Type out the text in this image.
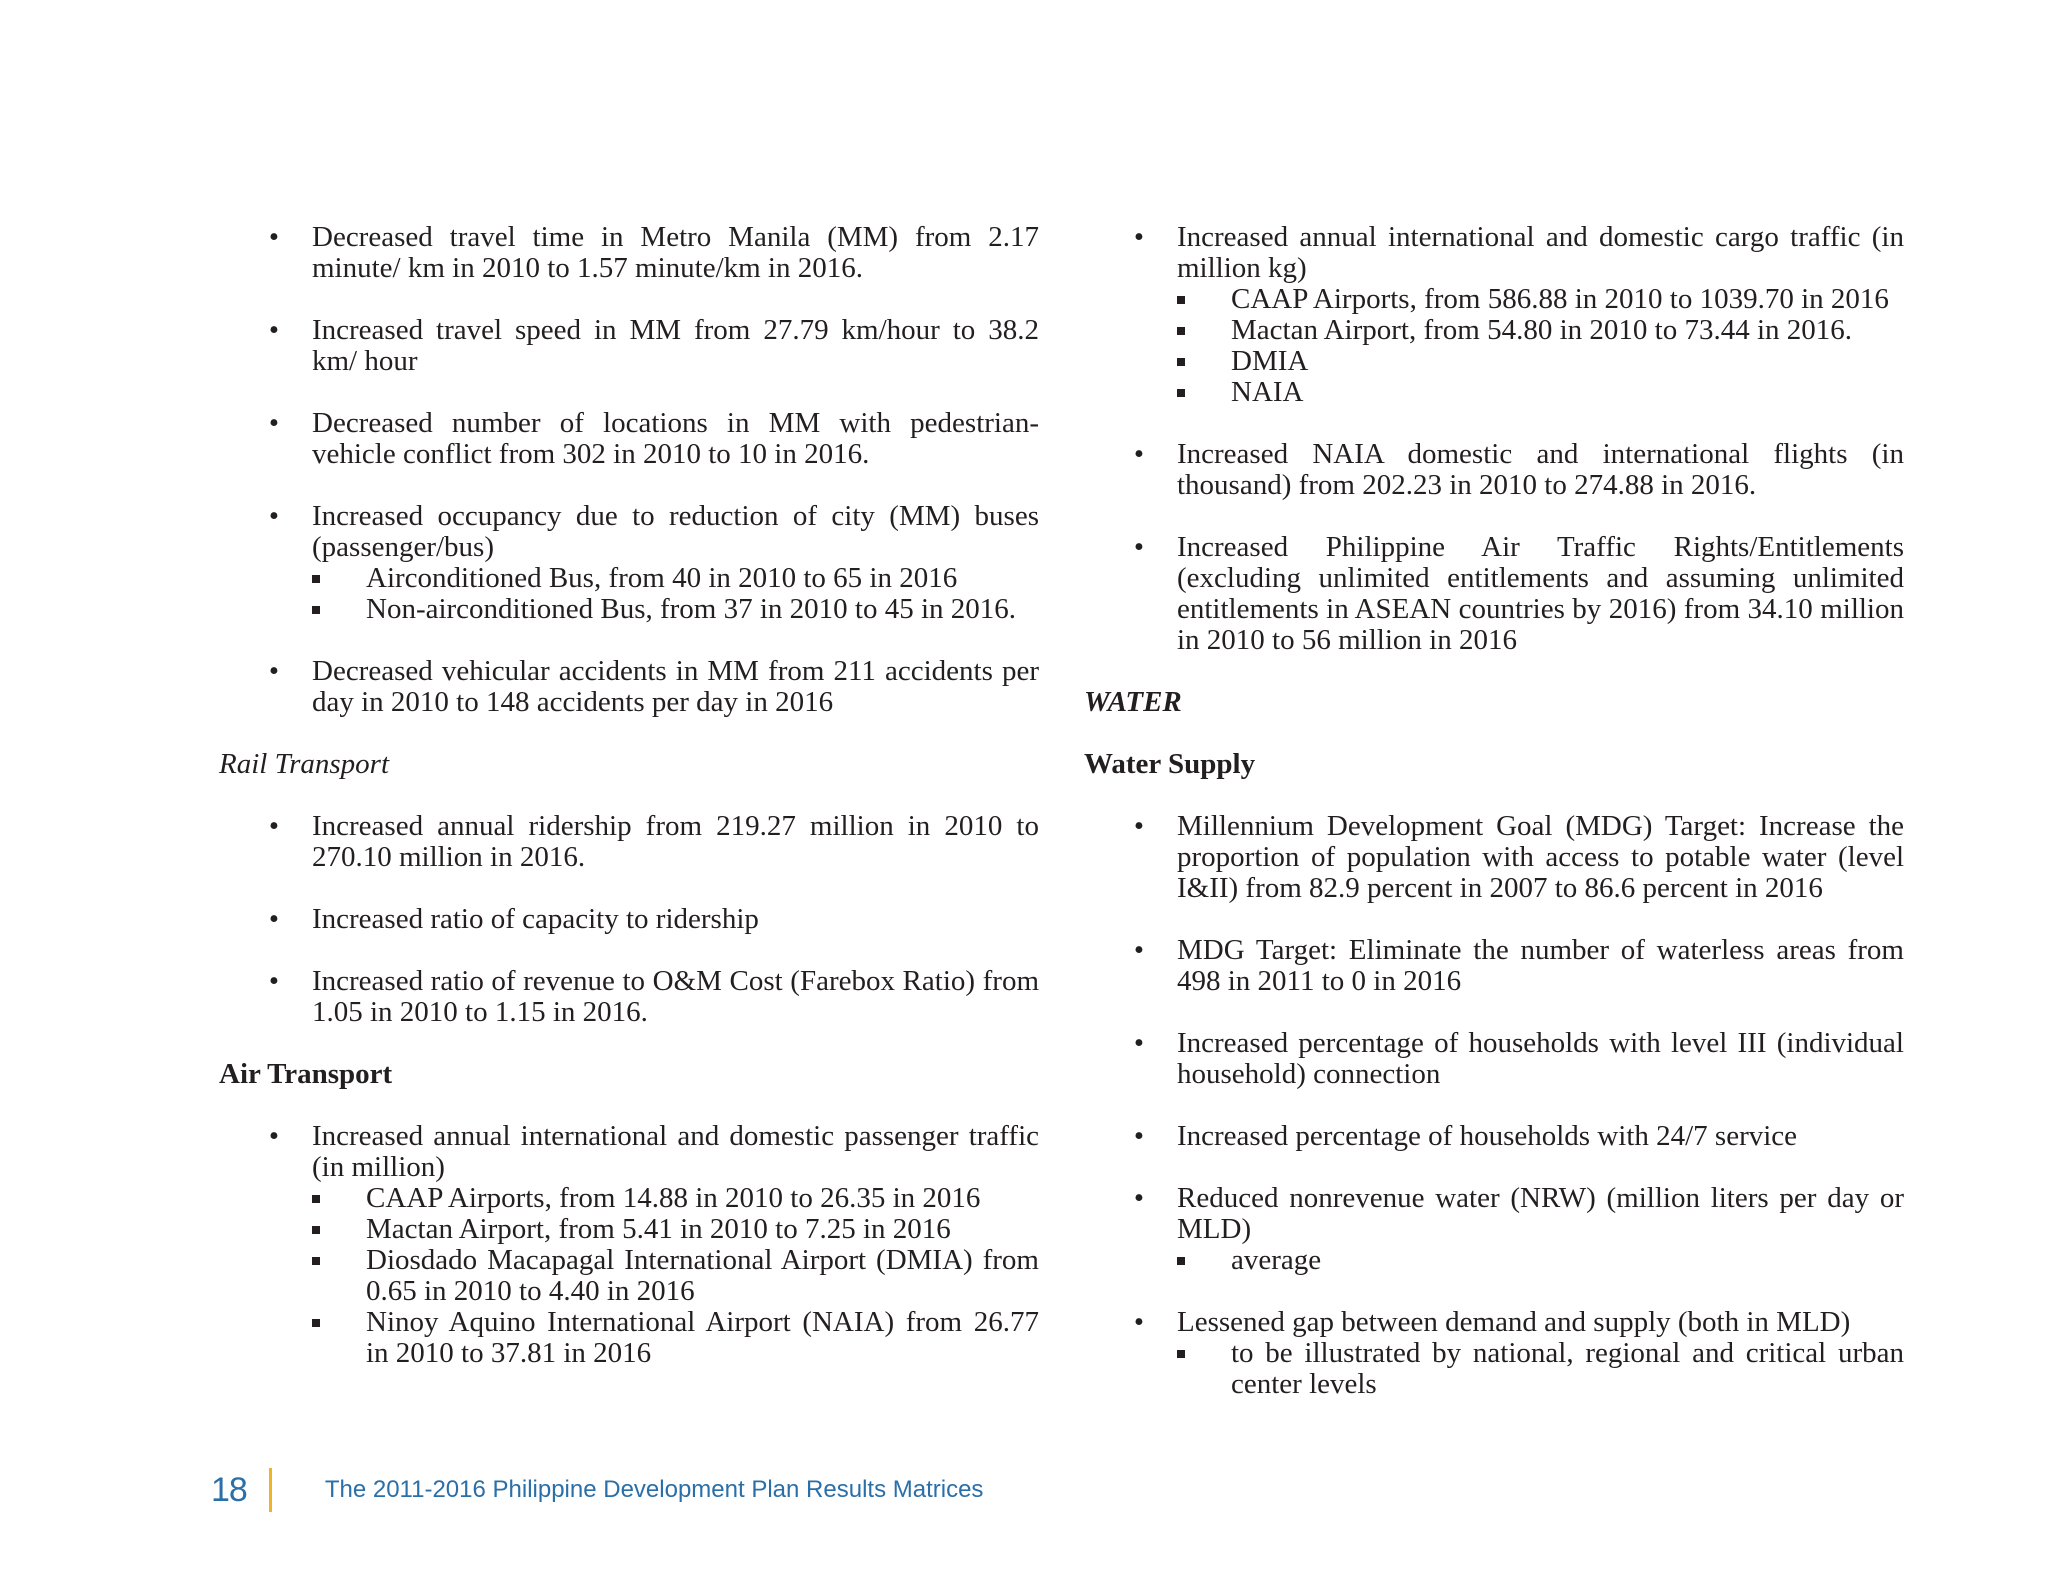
• Decreased travel time in Metro Manila (MM) from 2.17 minute/ km in 2010 to 1.57 minute/km in 2016.
• Increased travel speed in MM from 27.79 km/hour to 38.2 km/ hour
• Decreased number of locations in MM with pedestrian-vehicle conflict from 302 in 2010 to 10 in 2016.
• Increased occupancy due to reduction of city (MM) buses (passenger/bus)
Airconditioned Bus, from 40 in 2010 to 65 in 2016
Non-airconditioned Bus, from 37 in 2010 to 45 in 2016.
• Decreased vehicular accidents in MM from 211 accidents per day in 2010 to 148 accidents per day in 2016

Rail Transport

• Increased annual ridership from 219.27 million in 2010 to 270.10 million in 2016.
• Increased ratio of capacity to ridership
• Increased ratio of revenue to O&M Cost (Farebox Ratio) from 1.05 in 2010 to 1.15 in 2016.

Air Transport

• Increased annual international and domestic passenger traffic (in million)
CAAP Airports, from 14.88 in 2010 to 26.35 in 2016
Mactan Airport, from 5.41 in 2010 to 7.25 in 2016
Diosdado Macapagal International Airport (DMIA) from 0.65 in 2010 to 4.40 in 2016
Ninoy Aquino International Airport (NAIA) from 26.77 in 2010 to 37.81 in 2016
• Increased annual international and domestic cargo traffic (in million kg)
CAAP Airports, from 586.88 in 2010 to 1039.70 in 2016
Mactan Airport, from 54.80 in 2010 to 73.44 in 2016.
DMIA
NAIA
• Increased NAIA domestic and international flights (in thousand) from 202.23 in 2010 to 274.88 in 2016.
• Increased Philippine Air Traffic Rights/Entitlements (excluding unlimited entitlements and assuming unlimited entitlements in ASEAN countries by 2016) from 34.10 million in 2010 to 56 million in 2016

WATER

Water Supply

• Millennium Development Goal (MDG) Target: Increase the proportion of population with access to potable water (level I&II) from 82.9 percent in 2007 to 86.6 percent in 2016
• MDG Target: Eliminate the number of waterless areas from 498 in 2011 to 0 in 2016
• Increased percentage of households with level III (individual household) connection
• Increased percentage of households with 24/7 service
• Reduced nonrevenue water (NRW) (million liters per day or MLD)
average
• Lessened gap between demand and supply (both in MLD)
to be illustrated by national, regional and critical urban center levels
18	The 2011-2016 Philippine Development Plan Results Matrices
